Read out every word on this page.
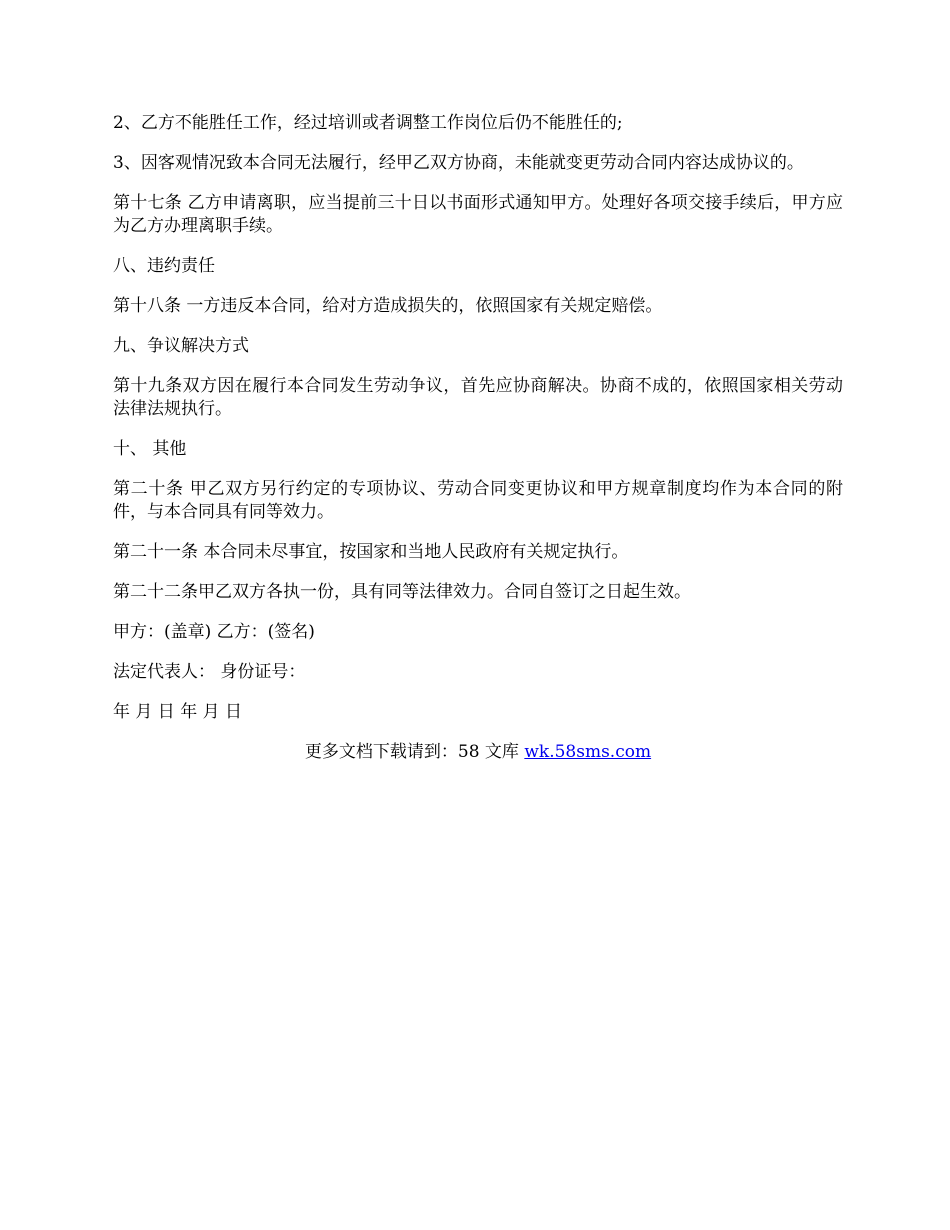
2、乙方不能胜任工作，经过培训或者调整工作岗位后仍不能胜任的;

3、因客观情况致本合同无法履行，经甲乙双方协商，未能就变更劳动合同内容达成协议的。

第十七条 乙方申请离职，应当提前三十日以书面形式通知甲方。处理好各项交接手续后，甲方应为乙方办理离职手续。

八、违约责任

第十八条 一方违反本合同，给对方造成损失的，依照国家有关规定赔偿。

九、争议解决方式

第十九条双方因在履行本合同发生劳动争议，首先应协商解决。协商不成的，依照国家相关劳动法律法规执行。

十、 其他

第二十条 甲乙双方另行约定的专项协议、劳动合同变更协议和甲方规章制度均作为本合同的附件，与本合同具有同等效力。

第二十一条 本合同未尽事宜，按国家和当地人民政府有关规定执行。

第二十二条甲乙双方各执一份，具有同等法律效力。合同自签订之日起生效。

甲方：(盖章) 乙方：(签名)

法定代表人： 身份证号：

年 月 日 年 月 日

更多文档下载请到：58 文库 wk.58sms.com
